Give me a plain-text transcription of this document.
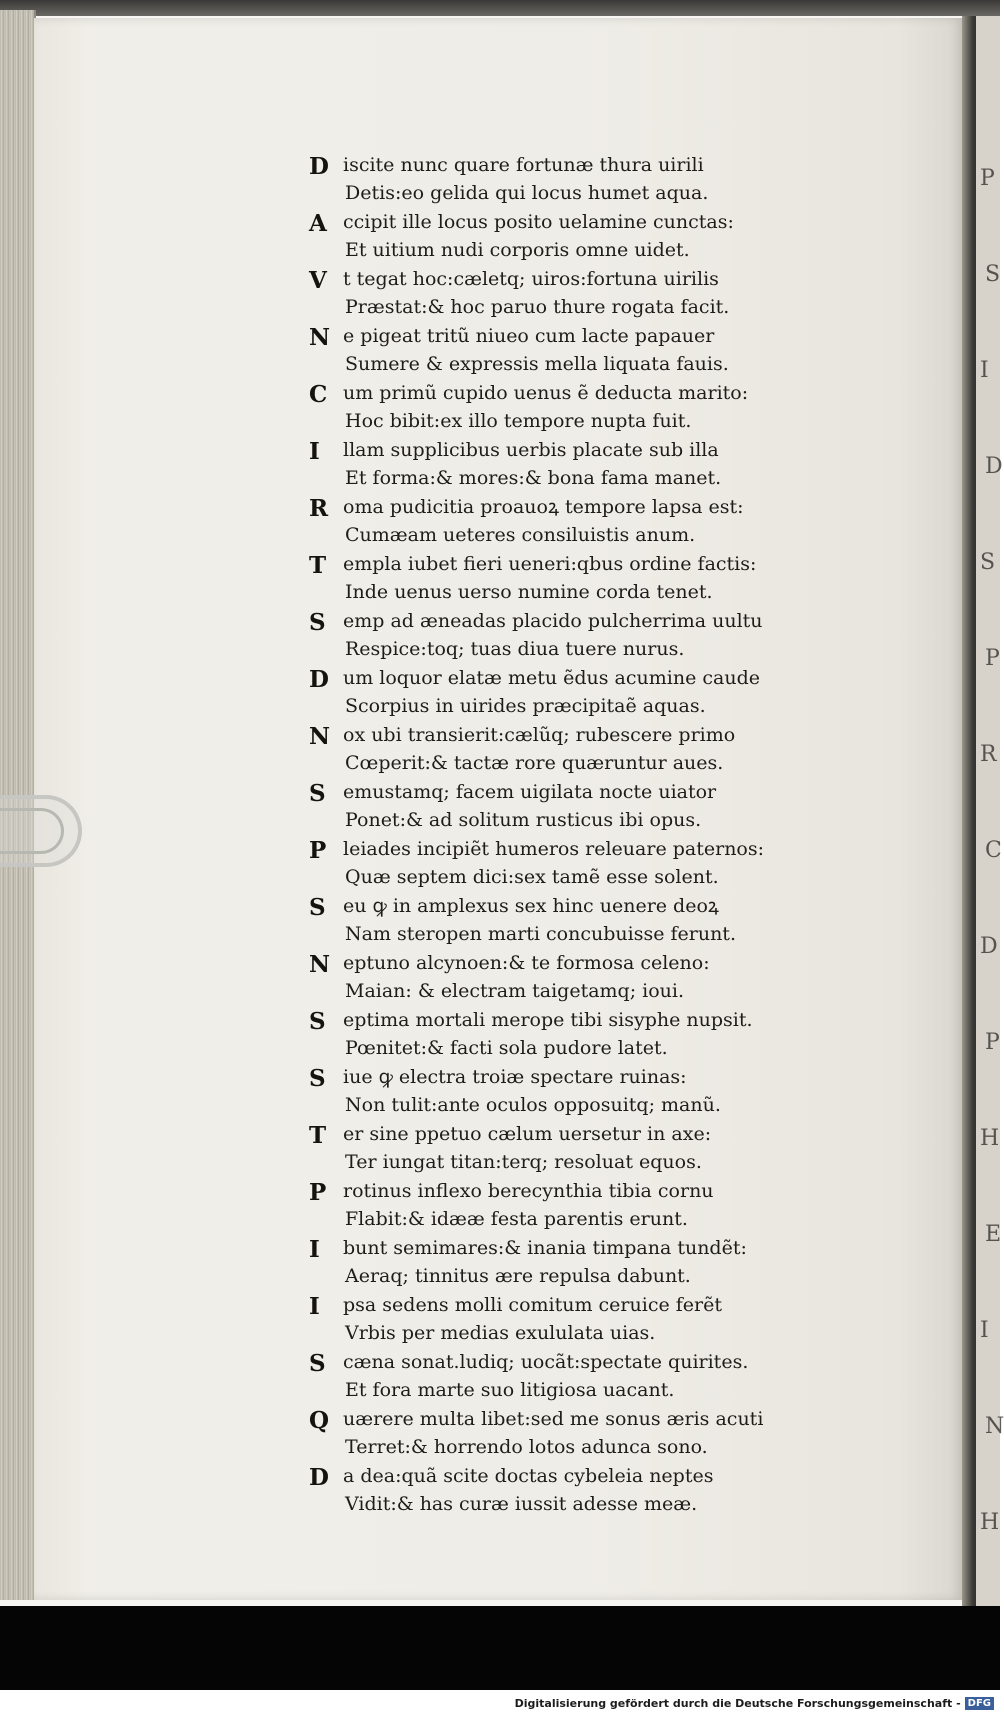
P
S
I
D
S
P
R
C
D
P
H
E
I
N
H
D iscite nunc quare fortunæ thura uirili
Detis:eo gelida qui locus humet aqua.
A ccipit ille locus posito uelamine cunctas:
Et uitium nudi corporis omne uidet.
V t tegat hoc:cæletq; uiros:fortuna uirilis
Præstat:& hoc paruo thure rogata facit.
N e pigeat tritũ niueo cum lacte papauer
Sumere & expressis mella liquata fauis.
C um primũ cupido uenus ẽ deducta marito:
Hoc bibit:ex illo tempore nupta fuit.
I	llam supplicibus uerbis placate sub illa
Et forma:& mores:& bona fama manet.
R oma pudicitia proauoꝝ tempore lapsa est:
Cumæam ueteres consiluistis anum.
T empla iubet fieri ueneri:qbus ordine factis:
Inde uenus uerso numine corda tenet.
S emp ad æneadas placido pulcherrima uultu
Respice:toq; tuas diua tuere nurus.
D um loquor elatæ metu ẽdus acumine caude
Scorpius in uirides præcipitaẽ aquas.
N ox ubi transierit:cælũq; rubescere primo
Cœperit:& tactæ rore quæruntur aues.
S emustamq; facem uigilata nocte uiator
Ponet:& ad solitum rusticus ibi opus.
P leiades incipiẽt humeros releuare paternos:
Quæ septem dici:sex tamẽ esse solent.
S eu ꝙ in amplexus sex hinc uenere deoꝝ
Nam steropen marti concubuisse ferunt.
N eptuno alcynoen:& te formosa celeno:
Maian: & electram taigetamq; ioui.
S eptima mortali merope tibi sisyphe nupsit.
Pœnitet:& facti sola pudore latet.
S iue ꝙ electra troiæ spectare ruinas:
Non tulit:ante oculos opposuitq; manũ.
T er sine ppetuo cælum uersetur in axe:
Ter iungat titan:terq; resoluat equos.
P rotinus inflexo berecynthia tibia cornu
Flabit:& idææ festa parentis erunt.
I	bunt semimares:& inania timpana tundẽt:
Aeraq; tinnitus ære repulsa dabunt.
I	psa sedens molli comitum ceruice ferẽt
Vrbis per medias exululata uias.
S cæna sonat.ludiq; uocãt:spectate quirites.
Et fora marte suo litigiosa uacant.
Q uærere multa libet:sed me sonus æris acuti
Terret:& horrendo lotos adunca sono.
D a dea:quã scite doctas cybeleia neptes
Vidit:& has curæ iussit adesse meæ.
Digitalisierung gefördert durch die Deutsche Forschungsgemeinschaft - DFG
